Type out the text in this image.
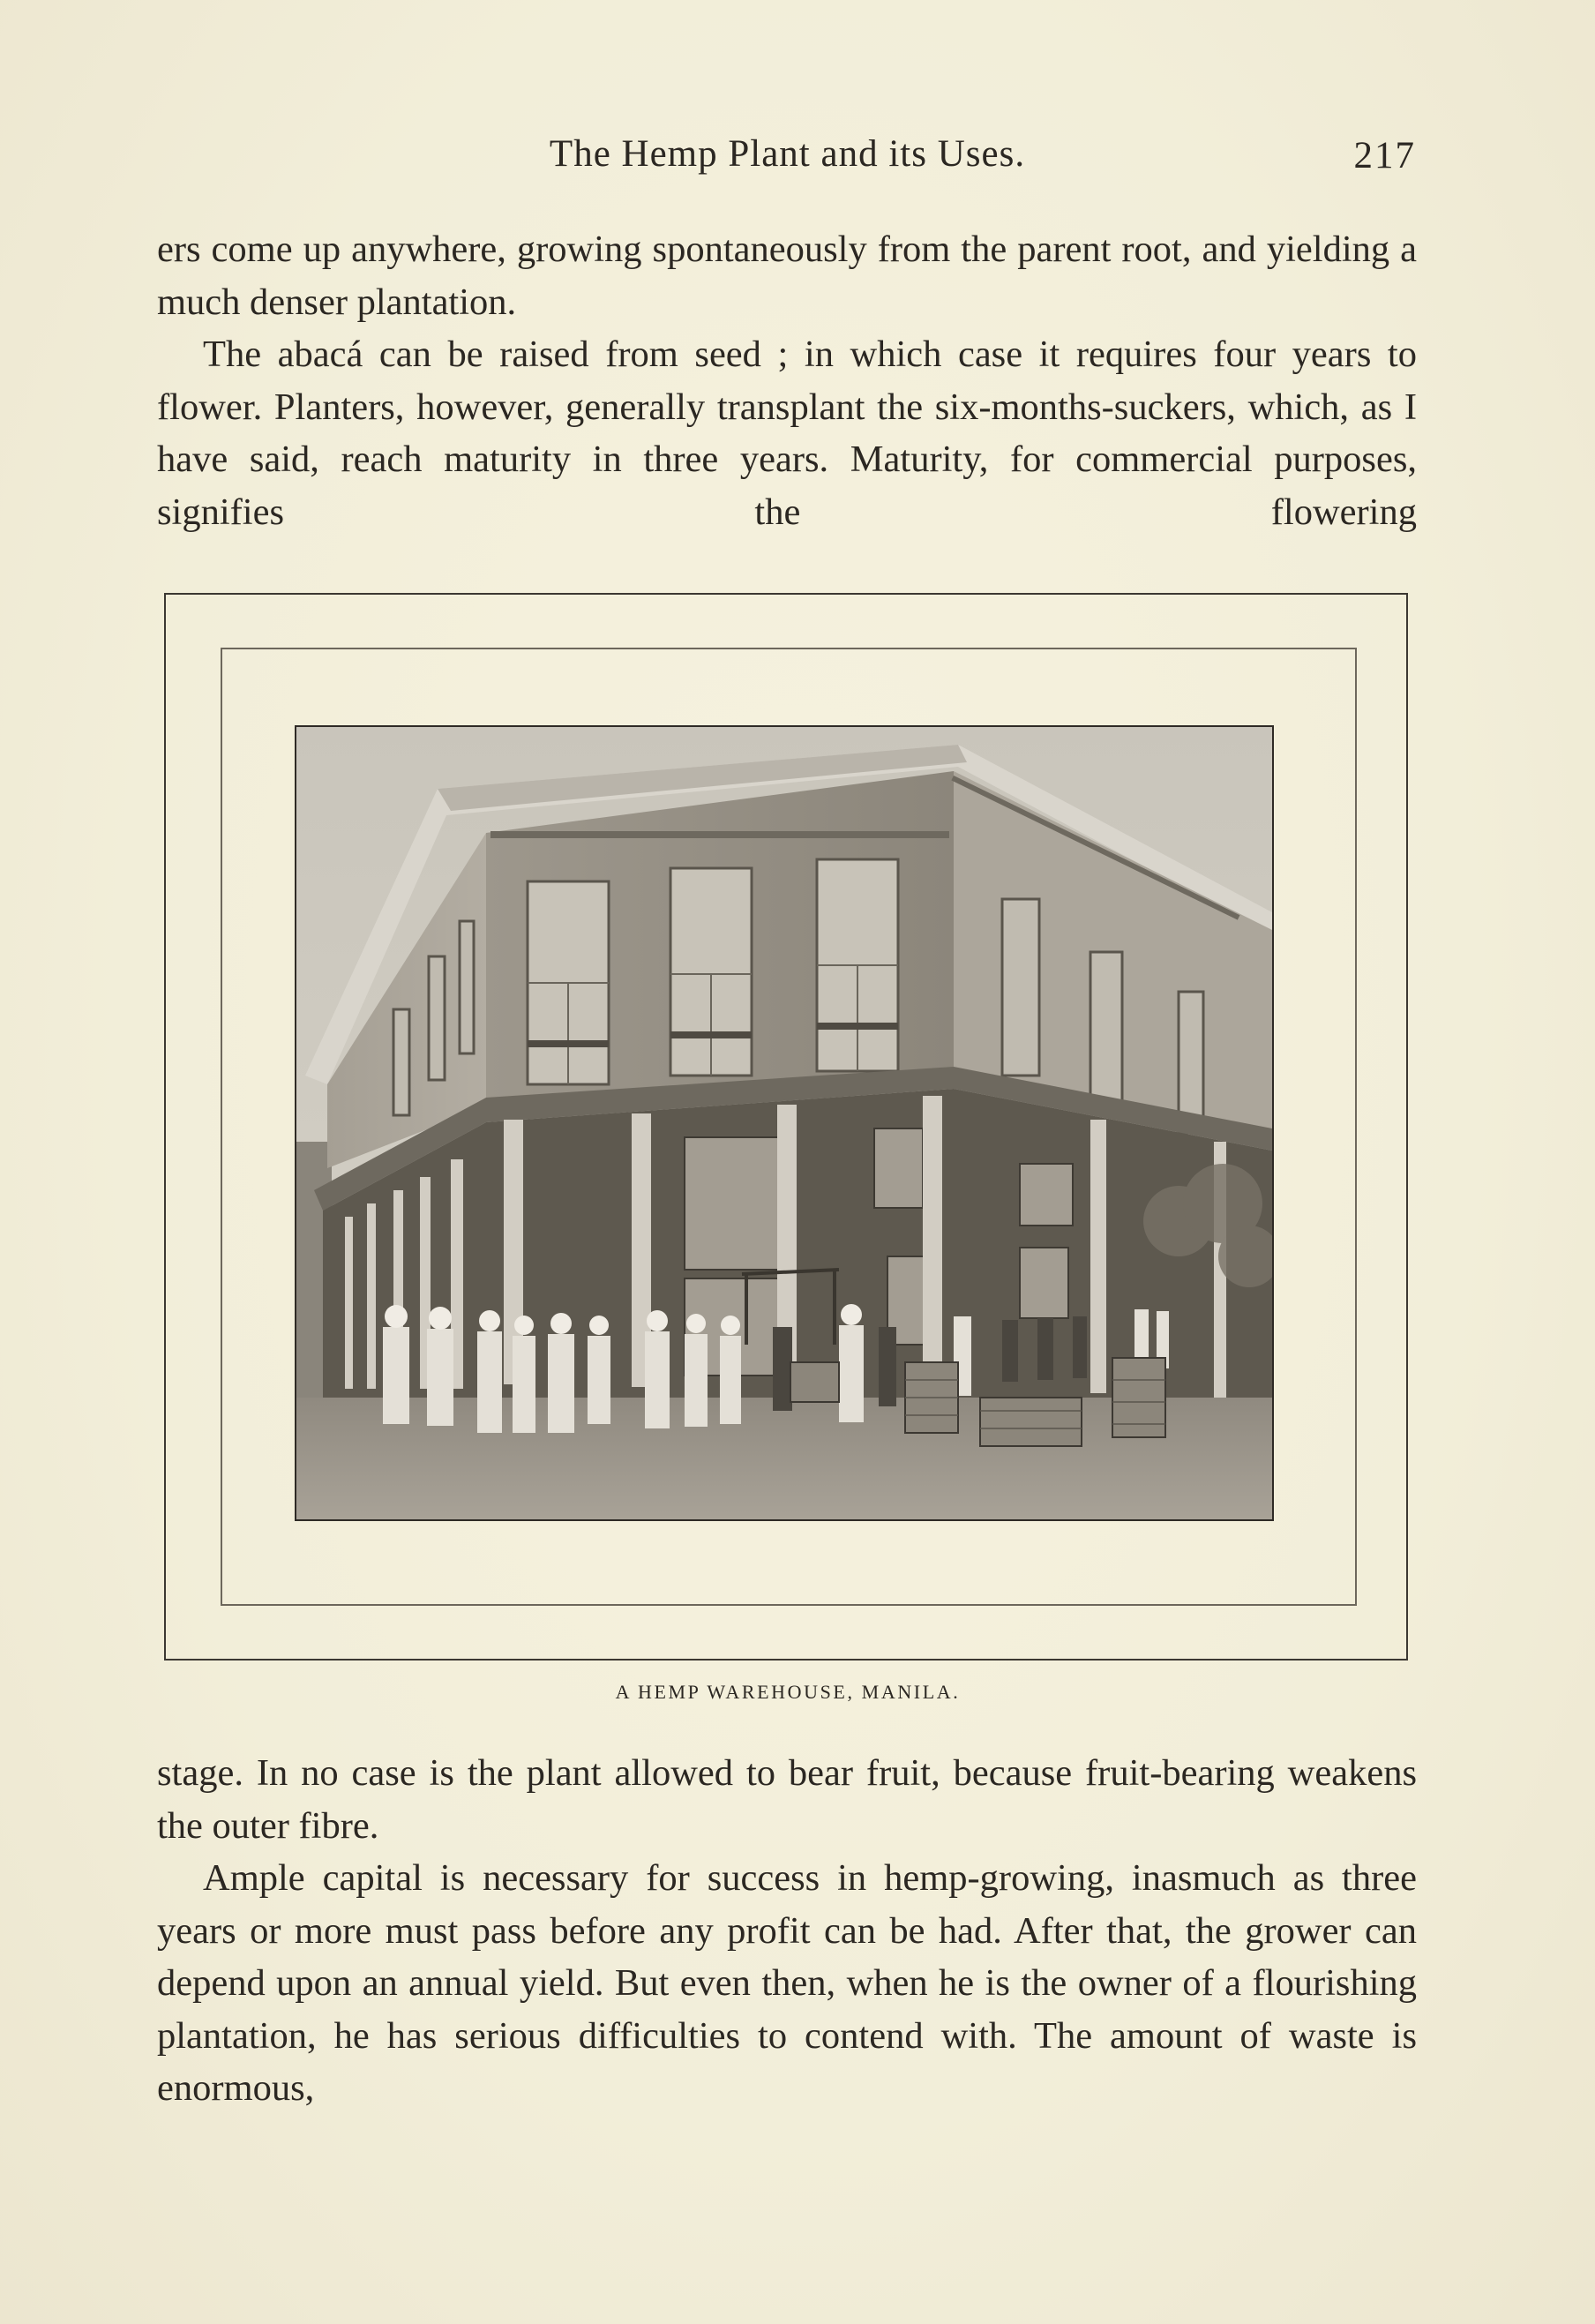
The Hemp Plant and its Uses.	217

ers come up anywhere, growing spontaneously from the parent root, and yielding a much denser plantation.

The abacá can be raised from seed ; in which case it requires four years to flower. Planters, however, generally transplant the six-months-suckers, which, as I have said, reach maturity in three years. Maturity, for commercial purposes, signifies the flowering

A HEMP WAREHOUSE, MANILA.

stage. In no case is the plant allowed to bear fruit, because fruit-bearing weakens the outer fibre.

Ample capital is necessary for success in hemp-growing, inasmuch as three years or more must pass before any profit can be had. After that, the grower can depend upon an annual yield. But even then, when he is the owner of a flourishing plantation, he has serious difficulties to contend with. The amount of waste is enormous,
